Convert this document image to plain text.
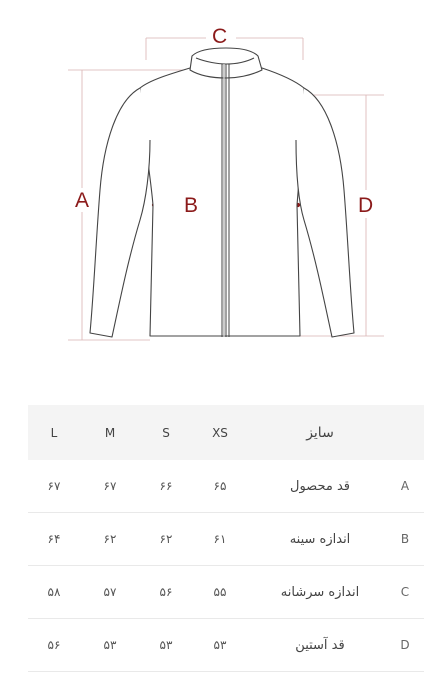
C
A	B	D
L	M	S	XS	سایز
۶۷	۶۷	۶۶	۶۵	قد محصول	A
۶۴	۶۲	۶۲	۶۱	اندازه سینه	B
۵۸	۵۷	۵۶	۵۵	اندازه سرشانه	C
۵۶	۵۳	۵۳	۵۳	قد آستین	D
